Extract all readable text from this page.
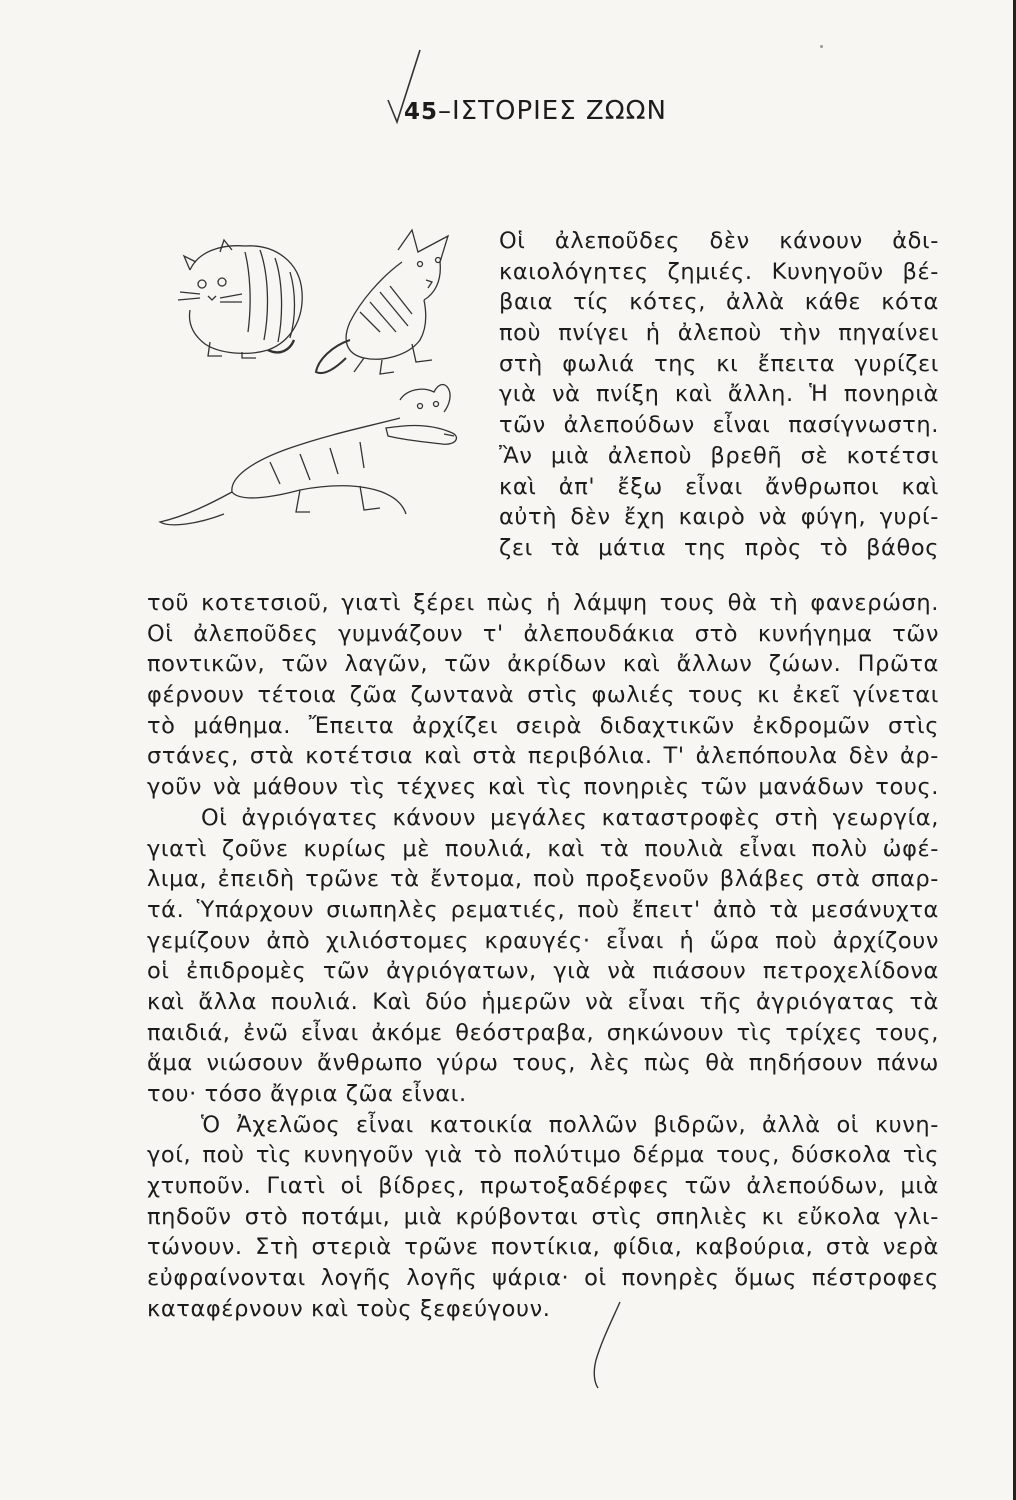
45–ΙΣΤΟΡΙΕΣ ΖΩΩΝ
Οἱ ἀλεποῦδες δὲν κάνουν ἀδι-
καιολόγητες ζημιές. Κυνηγοῦν βέ-
βαια τίς κότες, ἀλλὰ κάθε κότα
ποὺ πνίγει ἡ ἀλεποὺ τὴν πηγαίνει
στὴ φωλιά της κι ἔπειτα γυρίζει
γιὰ νὰ πνίξη καὶ ἄλλη. Ἡ πονηριὰ
τῶν ἀλεπούδων εἶναι πασίγνωστη.
Ἂν μιὰ ἀλεποὺ βρεθῆ σὲ κοτέτσι
καὶ ἀπ' ἔξω εἶναι ἄνθρωποι καὶ
αὐτὴ δὲν ἔχη καιρὸ νὰ φύγη, γυρί-
ζει τὰ μάτια της πρὸς τὸ βάθος
τοῦ κοτετσιοῦ, γιατὶ ξέρει πὼς ἡ λάμψη τους θὰ τὴ φανερώση.
Οἱ ἀλεποῦδες γυμνάζουν τ' ἀλεπουδάκια στὸ κυνήγημα τῶν
ποντικῶν, τῶν λαγῶν, τῶν ἀκρίδων καὶ ἄλλων ζώων. Πρῶτα
φέρνουν τέτοια ζῶα ζωντανὰ στὶς φωλιές τους κι ἐκεῖ γίνεται
τὸ μάθημα. Ἔπειτα ἀρχίζει σειρὰ διδαχτικῶν ἐκδρομῶν στὶς
στάνες, στὰ κοτέτσια καὶ στὰ περιβόλια. Τ' ἀλεπόπουλα δὲν ἀρ-
γοῦν νὰ μάθουν τὶς τέχνες καὶ τὶς πονηριὲς τῶν μανάδων τους.
Οἱ ἀγριόγατες κάνουν μεγάλες καταστροφὲς στὴ γεωργία,
γιατὶ ζοῦνε κυρίως μὲ πουλιά, καὶ τὰ πουλιὰ εἶναι πολὺ ὠφέ-
λιμα, ἐπειδὴ τρῶνε τὰ ἔντομα, ποὺ προξενοῦν βλάβες στὰ σπαρ-
τά. Ὑπάρχουν σιωπηλὲς ρεματιές, ποὺ ἔπειτ' ἀπὸ τὰ μεσάνυχτα
γεμίζουν ἀπὸ χιλιόστομες κραυγές· εἶναι ἡ ὥρα ποὺ ἀρχίζουν
οἱ ἐπιδρομὲς τῶν ἀγριόγατων, γιὰ νὰ πιάσουν πετροχελίδονα
καὶ ἄλλα πουλιά. Καὶ δύο ἡμερῶν νὰ εἶναι τῆς ἀγριόγατας τὰ
παιδιά, ἐνῶ εἶναι ἀκόμε θεόστραβα, σηκώνουν τὶς τρίχες τους,
ἅμα νιώσουν ἄνθρωπο γύρω τους, λὲς πὼς θὰ πηδήσουν πάνω
του· τόσο ἄγρια ζῶα εἶναι.
Ὁ Ἀχελῶος εἶναι κατοικία πολλῶν βιδρῶν, ἀλλὰ οἱ κυνη-
γοί, ποὺ τὶς κυνηγοῦν γιὰ τὸ πολύτιμο δέρμα τους, δύσκολα τὶς
χτυποῦν. Γιατὶ οἱ βίδρες, πρωτοξαδέρφες τῶν ἀλεπούδων, μιὰ
πηδοῦν στὸ ποτάμι, μιὰ κρύβονται στὶς σπηλιὲς κι εὔκολα γλι-
τώνουν. Στὴ στεριὰ τρῶνε ποντίκια, φίδια, καβούρια, στὰ νερὰ
εὐφραίνονται λογῆς λογῆς ψάρια· οἱ πονηρὲς ὅμως πέστροφες
καταφέρνουν καὶ τοὺς ξεφεύγουν.
